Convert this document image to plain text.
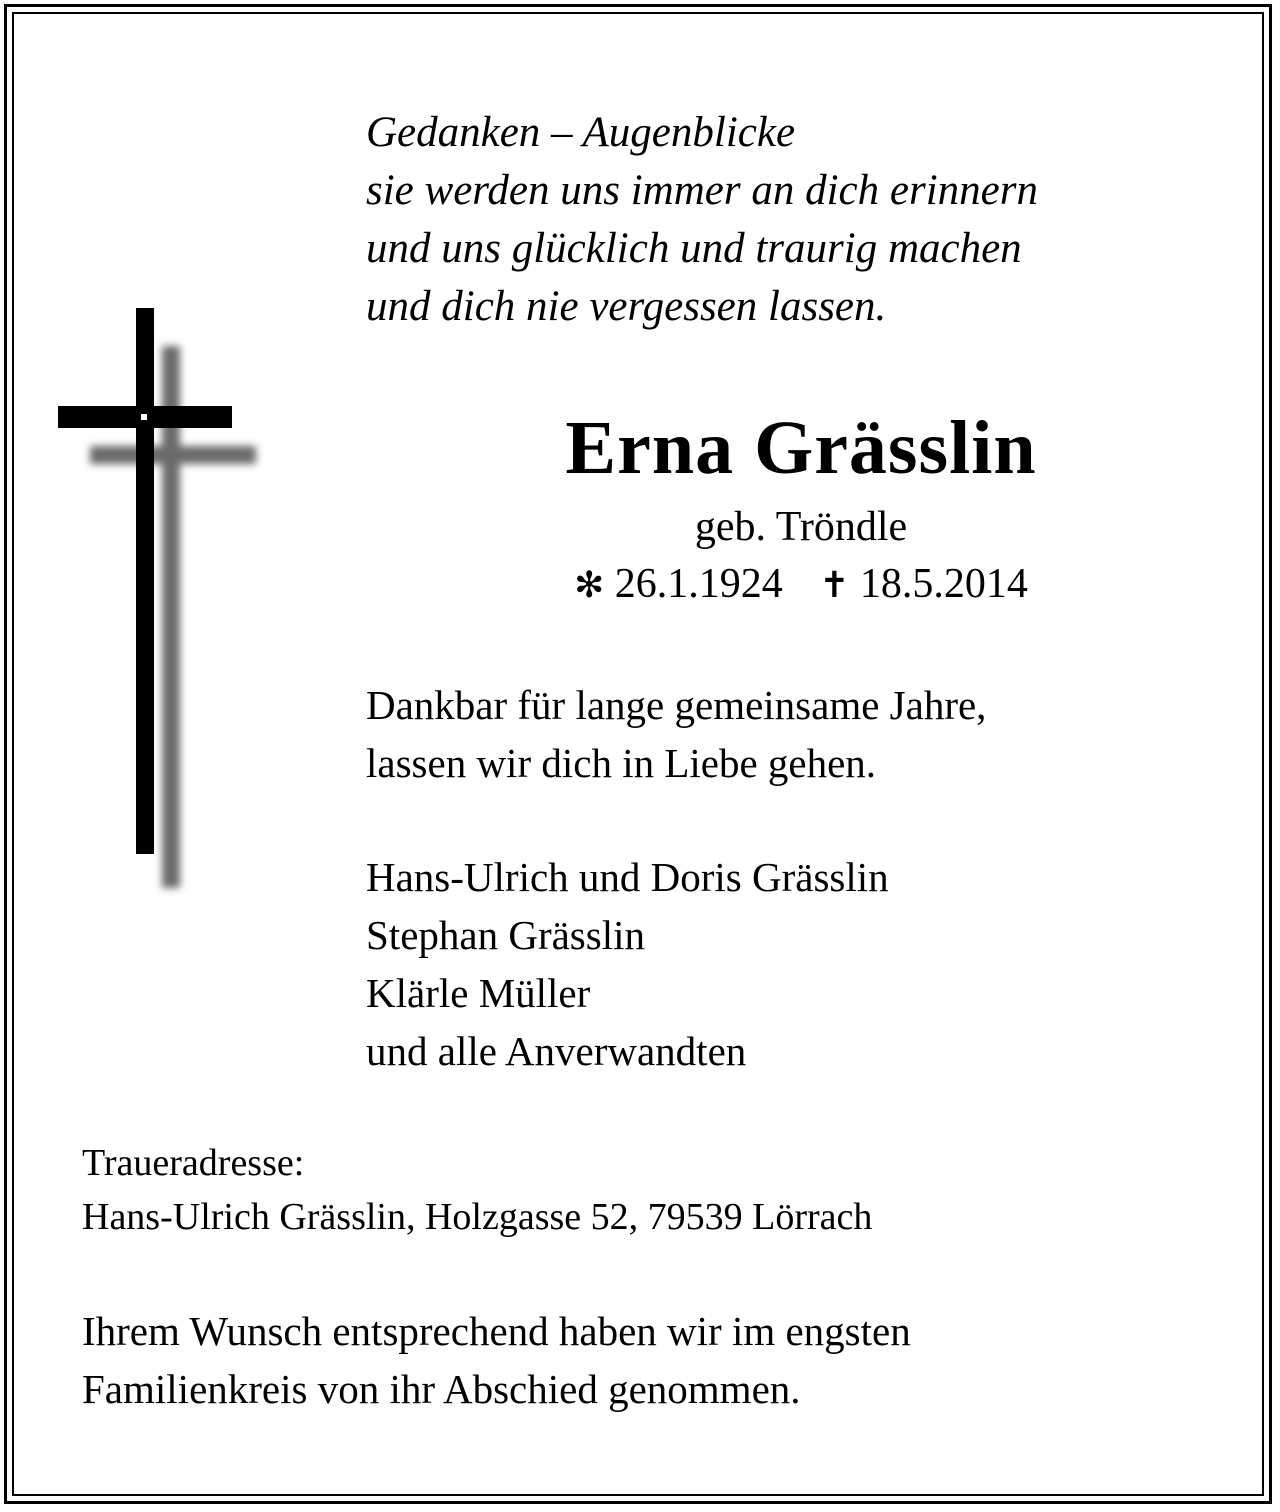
Gedanken – Augenblicke
sie werden uns immer an dich erinnern
und uns glücklich und traurig machen
und dich nie vergessen lassen.
Erna Grässlin
geb. Tröndle
✻ 26.1.1924 ✝ 18.5.2014
Dankbar für lange gemeinsame Jahre,
lassen wir dich in Liebe gehen.
Hans-Ulrich und Doris Grässlin
Stephan Grässlin
Klärle Müller
und alle Anverwandten
Traueradresse:
Hans-Ulrich Grässlin, Holzgasse 52, 79539 Lörrach
Ihrem Wunsch entsprechend haben wir im engsten
Familienkreis von ihr Abschied genommen.
